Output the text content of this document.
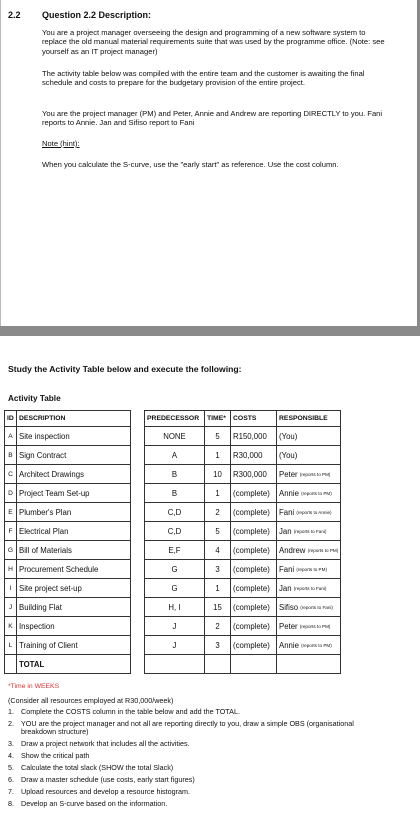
2.2 Question 2.2 Description:
You are a project manager overseeing the design and programming of a new software system to replace the old manual material requirements suite that was used by the programme office. (Note: see yourself as an IT project manager)
The activity table below was compiled with the entire team and the customer is awaiting the final schedule and costs to prepare for the budgetary provision of the entire project.
You are the project manager (PM) and Peter, Annie and Andrew are reporting DIRECTLY to you. Fani reports to Annie. Jan and Sifiso report to Fani
Note (hint):
When you calculate the S-curve, use the "early start" as reference. Use the cost column.
Study the Activity Table below and execute the following:
Activity Table
ID	DESCRIPTION		PREDECESSOR	TIME*	COSTS	RESPONSIBLE
A	Site inspection		NONE	5	R150,000	(You)
B	Sign Contract		A	1	R30,000	(You)
C	Architect Drawings		B	10	R300,000	Peter (reports to PM)
D	Project Team Set-up		B	1	(complete)	Annie (reports to PM)
E	Plumber's Plan		C,D	2	(complete)	Fani (reports to Annie)
F	Electrical Plan		C,D	5	(complete)	Jan (reports to Fani)
G	Bill of Materials		E,F	4	(complete)	Andrew (reports to PM)
H	Procurement Schedule		G	3	(complete)	Fani (reports to PM)
I	Site project set-up		G	1	(complete)	Jan (reports to Fani)
J	Building Flat		H, I	15	(complete)	Sifiso (reports to Fani)
K	Inspection		J	2	(complete)	Peter (reports to PM)
L	Training of Client		J	3	(complete)	Annie (reports to PM)
	TOTAL					
*Time in WEEKS
(Consider all resources employed at R30,000/week)
1. Complete the COSTS column in the table below and add the TOTAL.
2. YOU are the project manager and not all are reporting directly to you, draw a simple OBS (organisational breakdown structure)
3. Draw a project network that includes all the activities.
4. Show the critical path
5. Calculate the total slack (SHOW the total Slack)
6. Draw a master schedule (use costs, early start figures)
7. Upload resources and develop a resource histogram.
8. Develop an S-curve based on the information.
